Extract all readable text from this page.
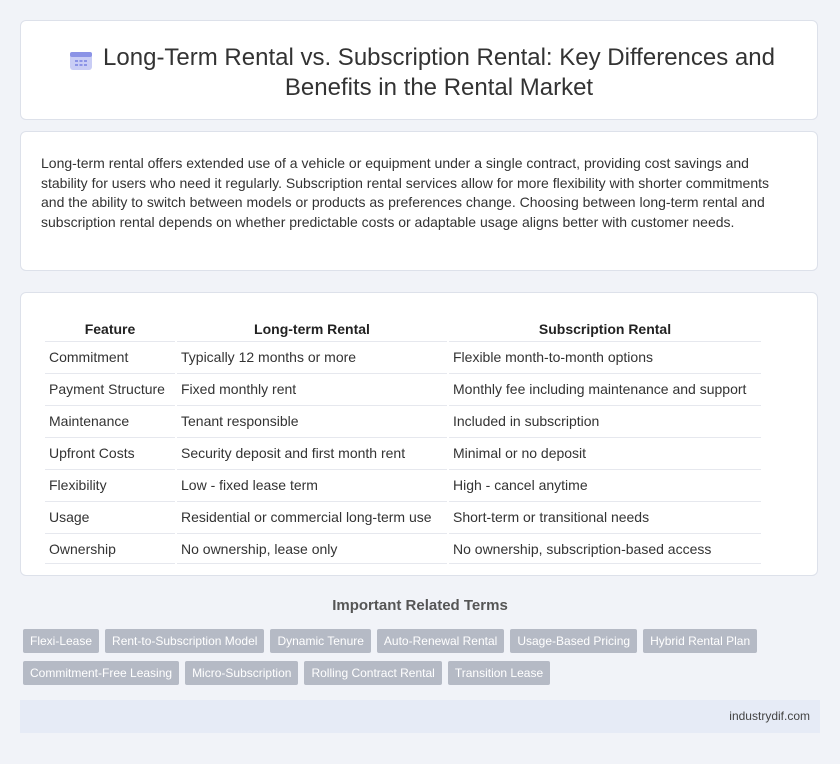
Long-Term Rental vs. Subscription Rental: Key Differences and Benefits in the Rental Market

Long-term rental offers extended use of a vehicle or equipment under a single contract, providing cost savings and stability for users who need it regularly. Subscription rental services allow for more flexibility with shorter commitments and the ability to switch between models or products as preferences change. Choosing between long-term rental and subscription rental depends on whether predictable costs or adaptable usage aligns better with customer needs.

Feature	Long-term Rental	Subscription Rental
Commitment	Typically 12 months or more	Flexible month-to-month options
Payment Structure	Fixed monthly rent	Monthly fee including maintenance and support
Maintenance	Tenant responsible	Included in subscription
Upfront Costs	Security deposit and first month rent	Minimal or no deposit
Flexibility	Low - fixed lease term	High - cancel anytime
Usage	Residential or commercial long-term use	Short-term or transitional needs
Ownership	No ownership, lease only	No ownership, subscription-based access
Important Related Terms
Flexi-Lease	Rent-to-Subscription Model	Dynamic Tenure	Auto-Renewal Rental	Usage-Based Pricing	Hybrid Rental Plan
Commitment-Free Leasing	Micro-Subscription	Rolling Contract Rental	Transition Lease
industrydif.com
